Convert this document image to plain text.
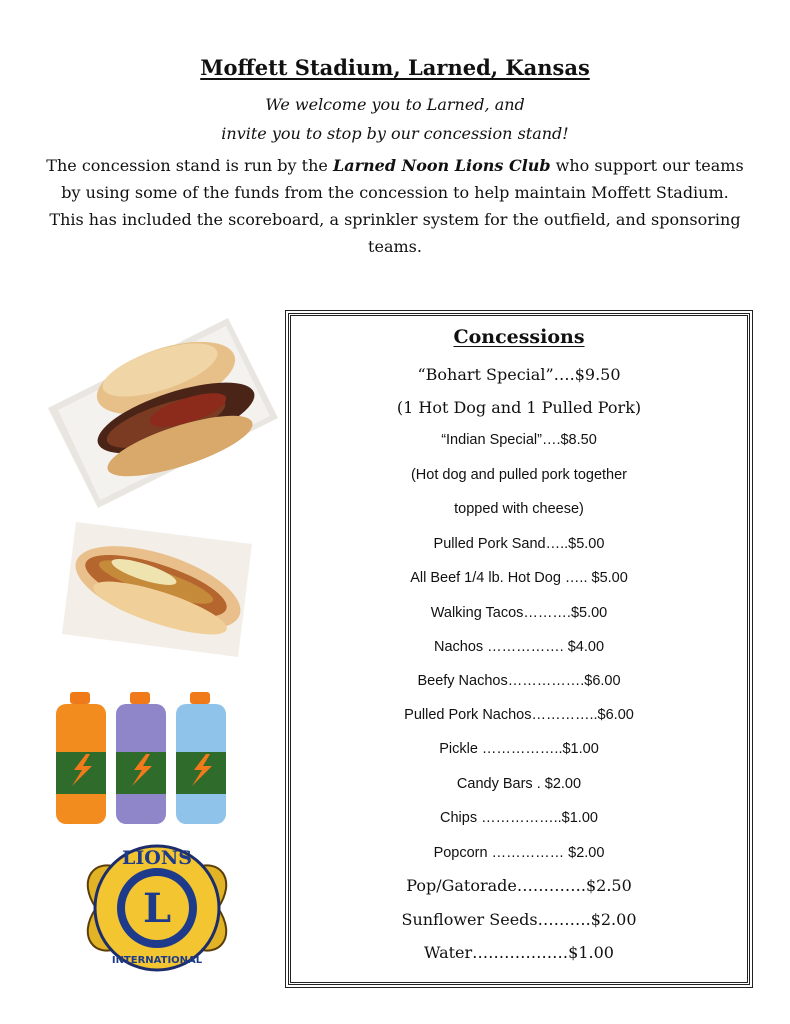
Moffett Stadium, Larned, Kansas
We welcome you to Larned, and
invite you to stop by our concession stand!
The concession stand is run by the Larned Noon Lions Club who support our teams by using some of the funds from the concession to help maintain Moffett Stadium. This has included the scoreboard, a sprinkler system for the outfield, and sponsoring teams.
LIONS
L
INTERNATIONAL
Concessions
“Bohart Special”….$9.50
(1 Hot Dog and 1 Pulled Pork)
“Indian Special”….$8.50
(Hot dog and pulled pork together
topped with cheese)
Pulled Pork Sand…..$5.00
All Beef 1/4 lb. Hot Dog ….. $5.00
Walking Tacos……….$5.00
Nachos ……………. $4.00
Beefy Nachos…………….$6.00
Pulled Pork Nachos…………..$6.00
Pickle ……………..$1.00
Candy Bars . $2.00
Chips ……………..$1.00
Popcorn …………… $2.00
Pop/Gatorade………….$2.50
Sunflower Seeds……….$2.00
Water………………$1.00
